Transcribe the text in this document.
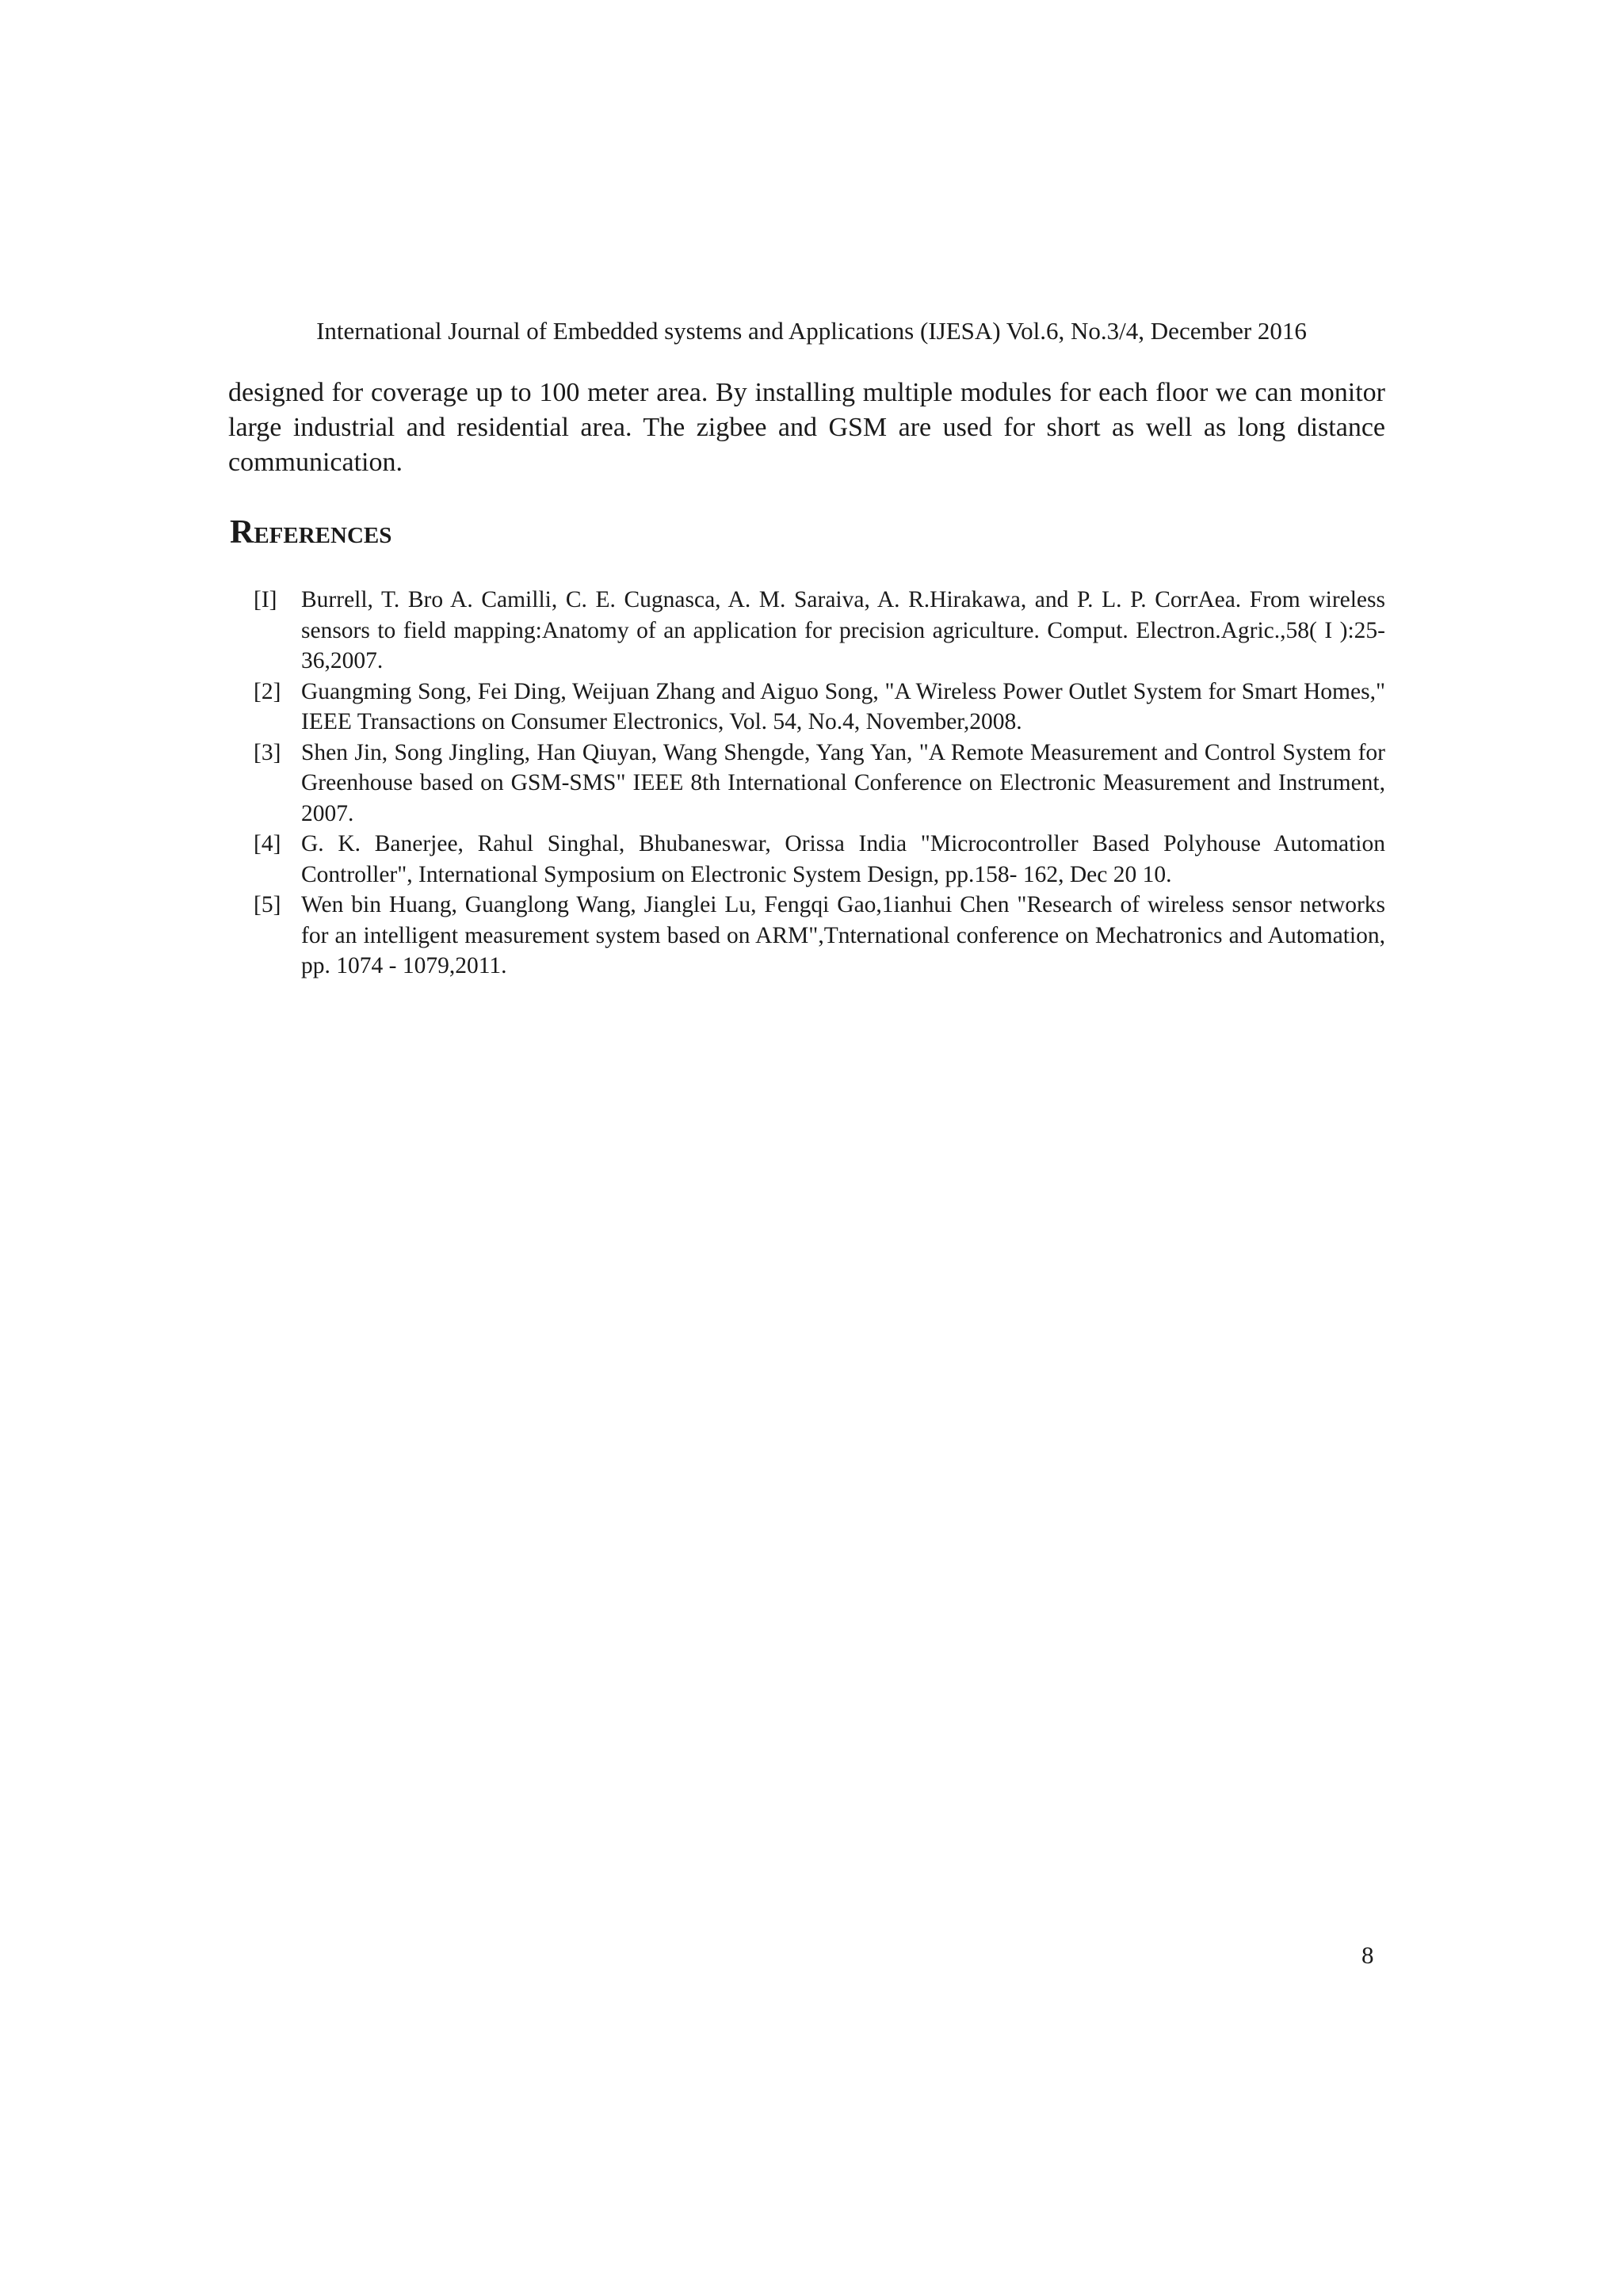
International Journal of Embedded systems and Applications (IJESA) Vol.6, No.3/4, December 2016

designed for coverage up to 100 meter area. By installing multiple modules for each floor we can monitor large industrial and residential area. The zigbee and GSM are used for short as well as long distance communication.

References
[I]	Burrell, T. Bro A. Camilli, C. E. Cugnasca, A. M. Saraiva, A. R.Hirakawa, and P. L. P. CorrAea. From wireless sensors to field mapping:Anatomy of an application for precision agriculture. Comput. Electron.Agric.,58( I ):25-36,2007.
[2] Guangming Song, Fei Ding, Weijuan Zhang and Aiguo Song, "A Wireless Power Outlet System for Smart Homes," IEEE Transactions on Consumer Electronics, Vol. 54, No.4, November,2008.
[3] Shen Jin, Song Jingling, Han Qiuyan, Wang Shengde, Yang Yan, "A Remote Measurement and Control System for Greenhouse based on GSM-SMS" IEEE 8th International Conference on Electronic Measurement and Instrument, 2007.
[4] G. K. Banerjee, Rahul Singhal, Bhubaneswar, Orissa India "Microcontroller Based Polyhouse Automation Controller", International Symposium on Electronic System Design, pp.158- 162, Dec 20 10.
[5] Wen bin Huang, Guanglong Wang, Jianglei Lu, Fengqi Gao,1ianhui Chen "Research of wireless sensor networks for an intelligent measurement system based on ARM",Tnternational conference on Mechatronics and Automation, pp. 1074 - 1079,2011.
8
